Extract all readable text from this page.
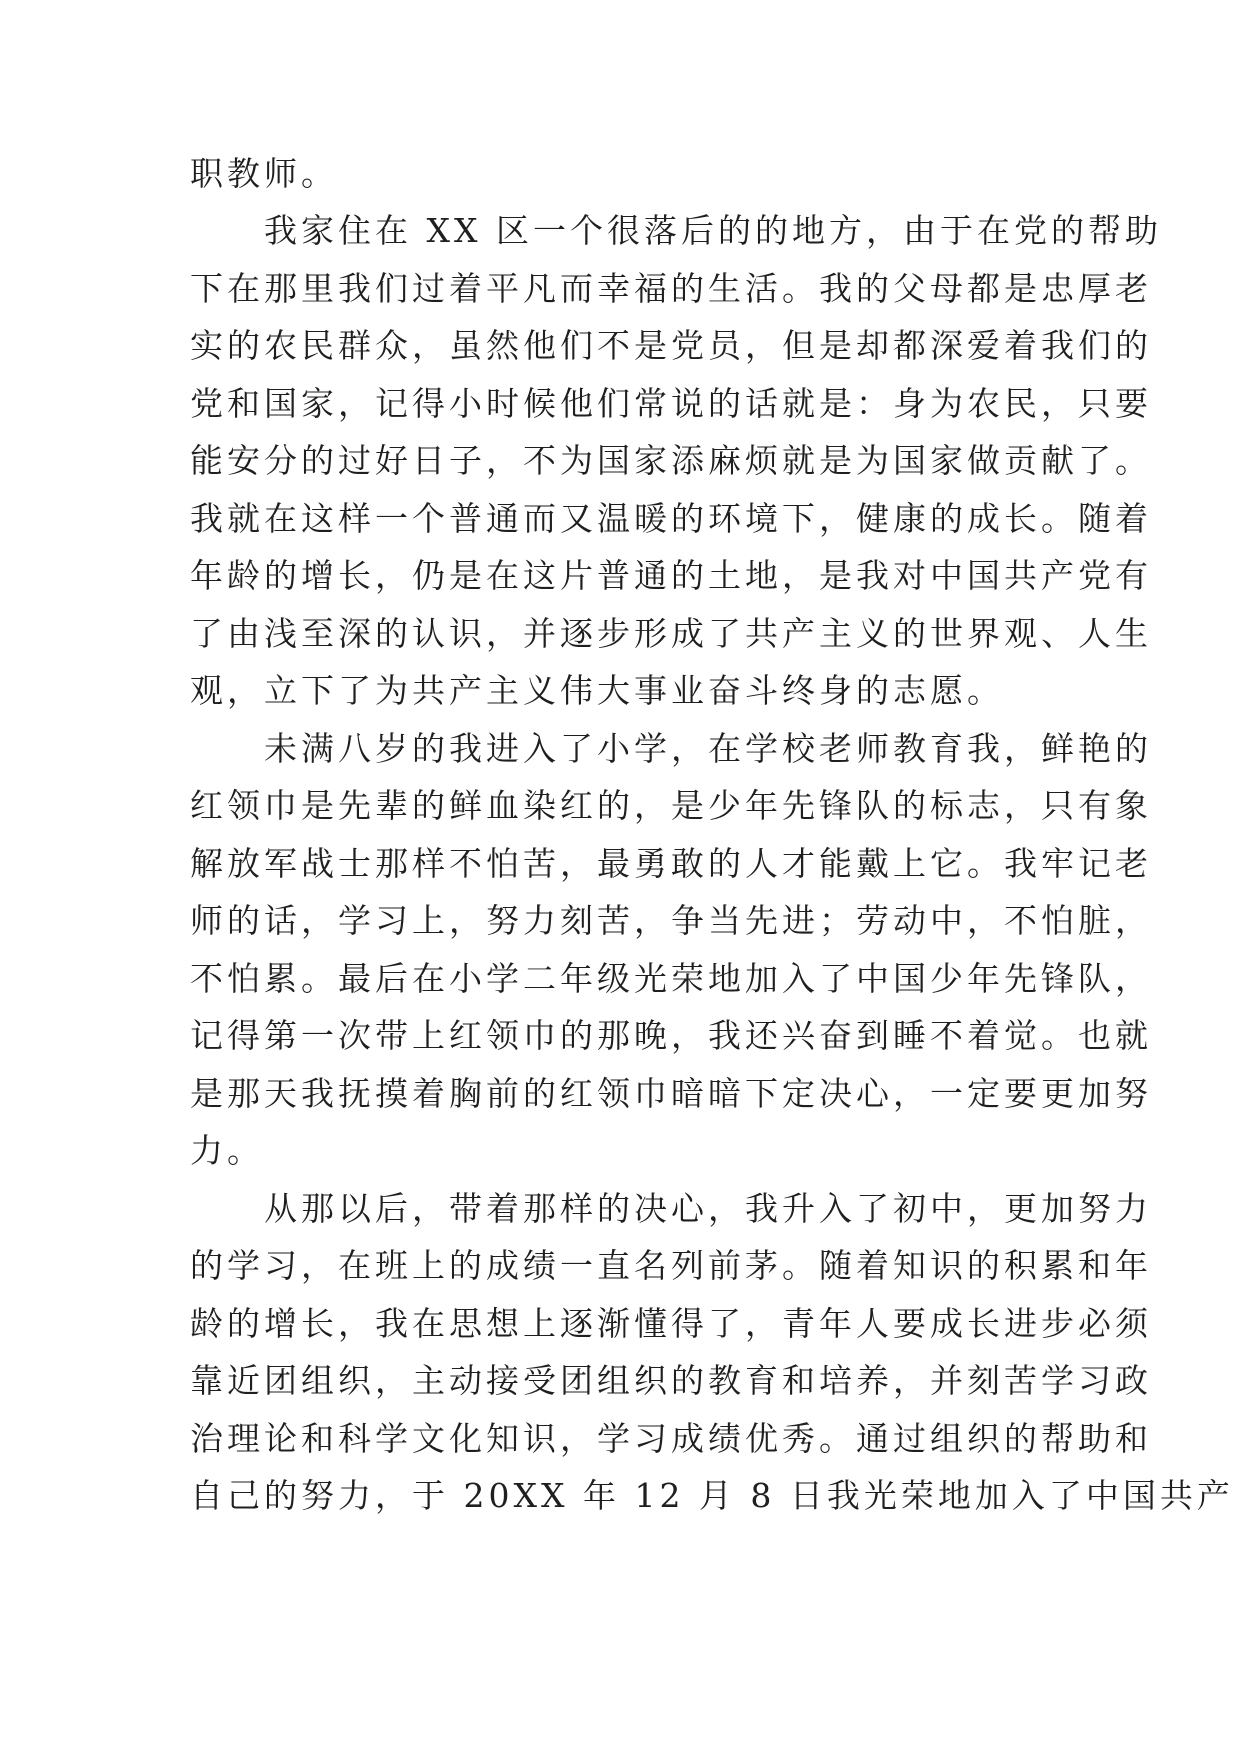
职教师。
我家住在 XX 区一个很落后的的地方，由于在党的帮助
下在那里我们过着平凡而幸福的生活。我的父母都是忠厚老
实的农民群众，虽然他们不是党员，但是却都深爱着我们的
党和国家，记得小时候他们常说的话就是：身为农民，只要
能安分的过好日子，不为国家添麻烦就是为国家做贡献了。
我就在这样一个普通而又温暖的环境下，健康的成长。随着
年龄的增长，仍是在这片普通的土地，是我对中国共产党有
了由浅至深的认识，并逐步形成了共产主义的世界观、人生
观，立下了为共产主义伟大事业奋斗终身的志愿。
未满八岁的我进入了小学，在学校老师教育我，鲜艳的
红领巾是先辈的鲜血染红的，是少年先锋队的标志，只有象
解放军战士那样不怕苦，最勇敢的人才能戴上它。我牢记老
师的话，学习上，努力刻苦，争当先进；劳动中，不怕脏，
不怕累。最后在小学二年级光荣地加入了中国少年先锋队，
记得第一次带上红领巾的那晚，我还兴奋到睡不着觉。也就
是那天我抚摸着胸前的红领巾暗暗下定决心，一定要更加努
力。
从那以后，带着那样的决心，我升入了初中，更加努力
的学习，在班上的成绩一直名列前茅。随着知识的积累和年
龄的增长，我在思想上逐渐懂得了，青年人要成长进步必须
靠近团组织，主动接受团组织的教育和培养，并刻苦学习政
治理论和科学文化知识，学习成绩优秀。通过组织的帮助和
自己的努力，于 20XX 年 12 月 8 日我光荣地加入了中国共产
